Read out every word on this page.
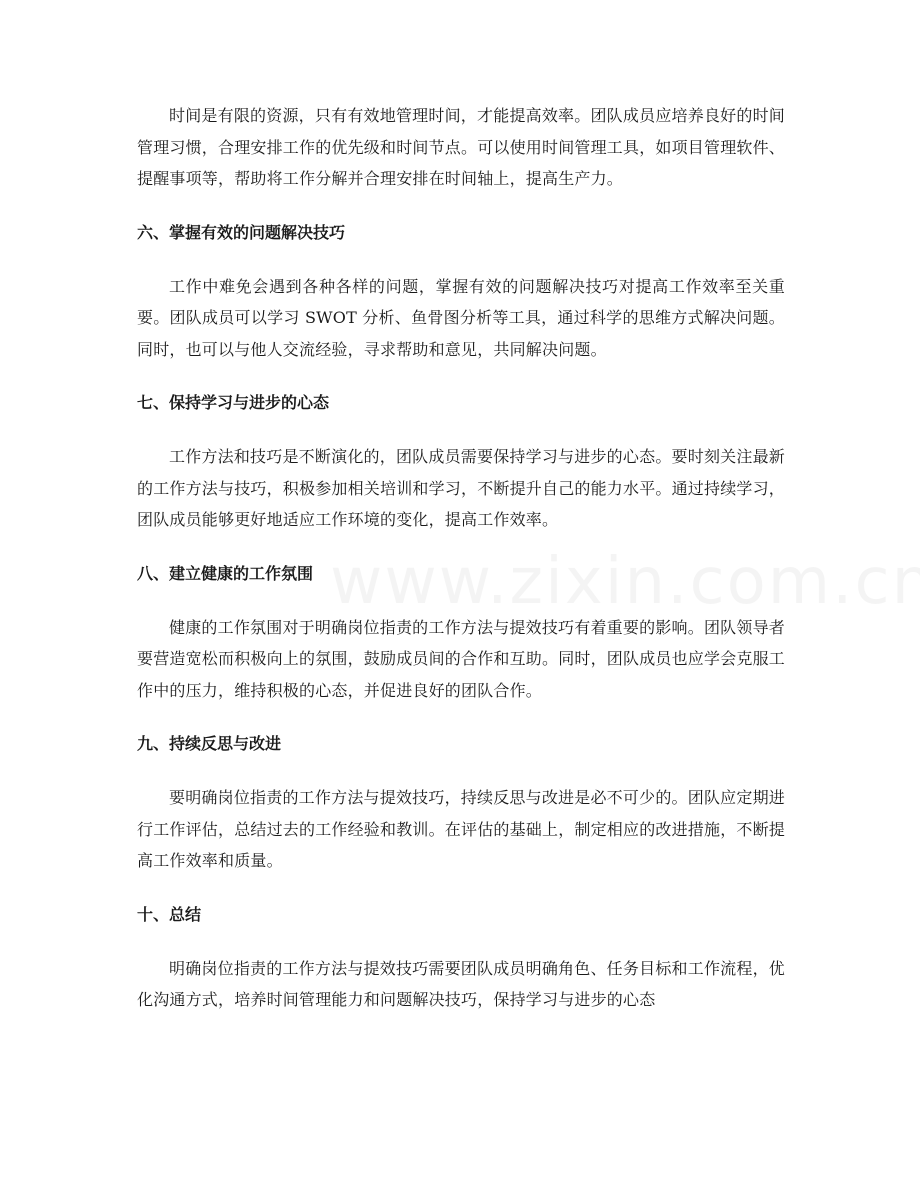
时间是有限的资源，只有有效地管理时间，才能提高效率。团队成员应培养良好的时间管理习惯，合理安排工作的优先级和时间节点。可以使用时间管理工具，如项目管理软件、提醒事项等，帮助将工作分解并合理安排在时间轴上，提高生产力。

六、掌握有效的问题解决技巧

工作中难免会遇到各种各样的问题，掌握有效的问题解决技巧对提高工作效率至关重要。团队成员可以学习 SWOT 分析、鱼骨图分析等工具，通过科学的思维方式解决问题。同时，也可以与他人交流经验，寻求帮助和意见，共同解决问题。

七、保持学习与进步的心态

工作方法和技巧是不断演化的，团队成员需要保持学习与进步的心态。要时刻关注最新的工作方法与技巧，积极参加相关培训和学习，不断提升自己的能力水平。通过持续学习，团队成员能够更好地适应工作环境的变化，提高工作效率。

八、建立健康的工作氛围

健康的工作氛围对于明确岗位指责的工作方法与提效技巧有着重要的影响。团队领导者要营造宽松而积极向上的氛围，鼓励成员间的合作和互助。同时，团队成员也应学会克服工作中的压力，维持积极的心态，并促进良好的团队合作。

九、持续反思与改进

要明确岗位指责的工作方法与提效技巧，持续反思与改进是必不可少的。团队应定期进行工作评估，总结过去的工作经验和教训。在评估的基础上，制定相应的改进措施，不断提高工作效率和质量。

十、总结

明确岗位指责的工作方法与提效技巧需要团队成员明确角色、任务目标和工作流程，优化沟通方式，培养时间管理能力和问题解决技巧，保持学习与进步的心态
